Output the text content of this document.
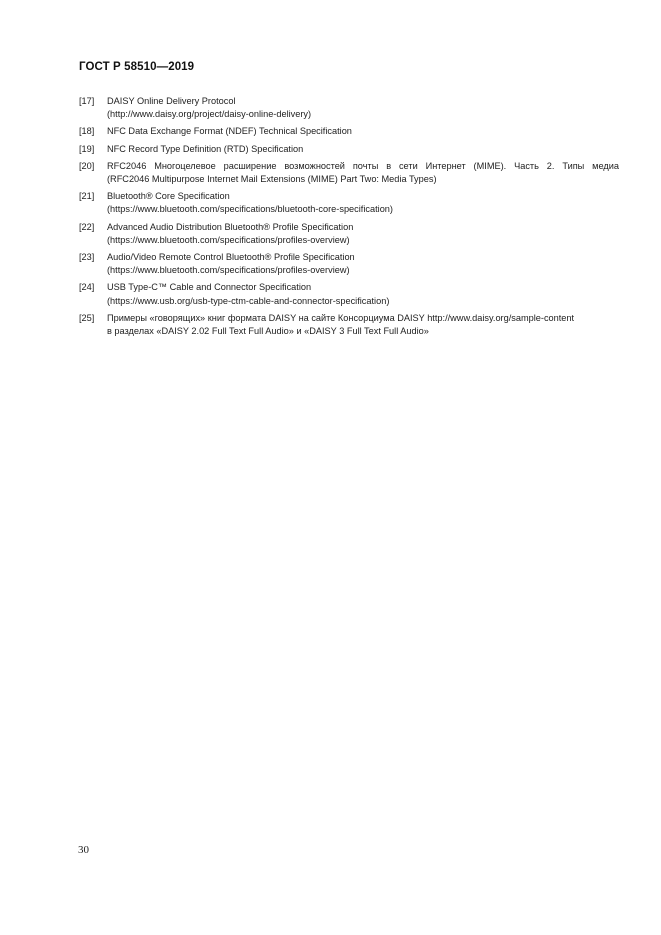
ГОСТ Р 58510—2019
[17]	DAISY Online Delivery Protocol
(http://www.daisy.org/project/daisy-online-delivery)
[18]	NFC Data Exchange Format (NDEF) Technical Specification
[19]	NFC Record Type Definition (RTD) Specification
[20]	RFC2046 Многоцелевое расширение возможностей почты в сети Интернет (MIME). Часть 2. Типы медиа
(RFC2046 Multipurpose Internet Mail Extensions (MIME) Part Two: Media Types)
[21]	Bluetooth® Core Specification
(https://www.bluetooth.com/specifications/bluetooth-core-specification)
[22]	Advanced Audio Distribution Bluetooth® Profile Specification
(https://www.bluetooth.com/specifications/profiles-overview)
[23]	Audio/Video Remote Control Bluetooth® Profile Specification
(https://www.bluetooth.com/specifications/profiles-overview)
[24]	USB Type-C™ Cable and Connector Specification
(https://www.usb.org/usb-type-ctm-cable-and-connector-specification)
[25]	Примеры «говорящих» книг формата DAISY на сайте Консорциума DAISY http://www.daisy.org/sample-content
в разделах «DAISY 2.02 Full Text Full Audio» и «DAISY 3 Full Text Full Audio»
30
